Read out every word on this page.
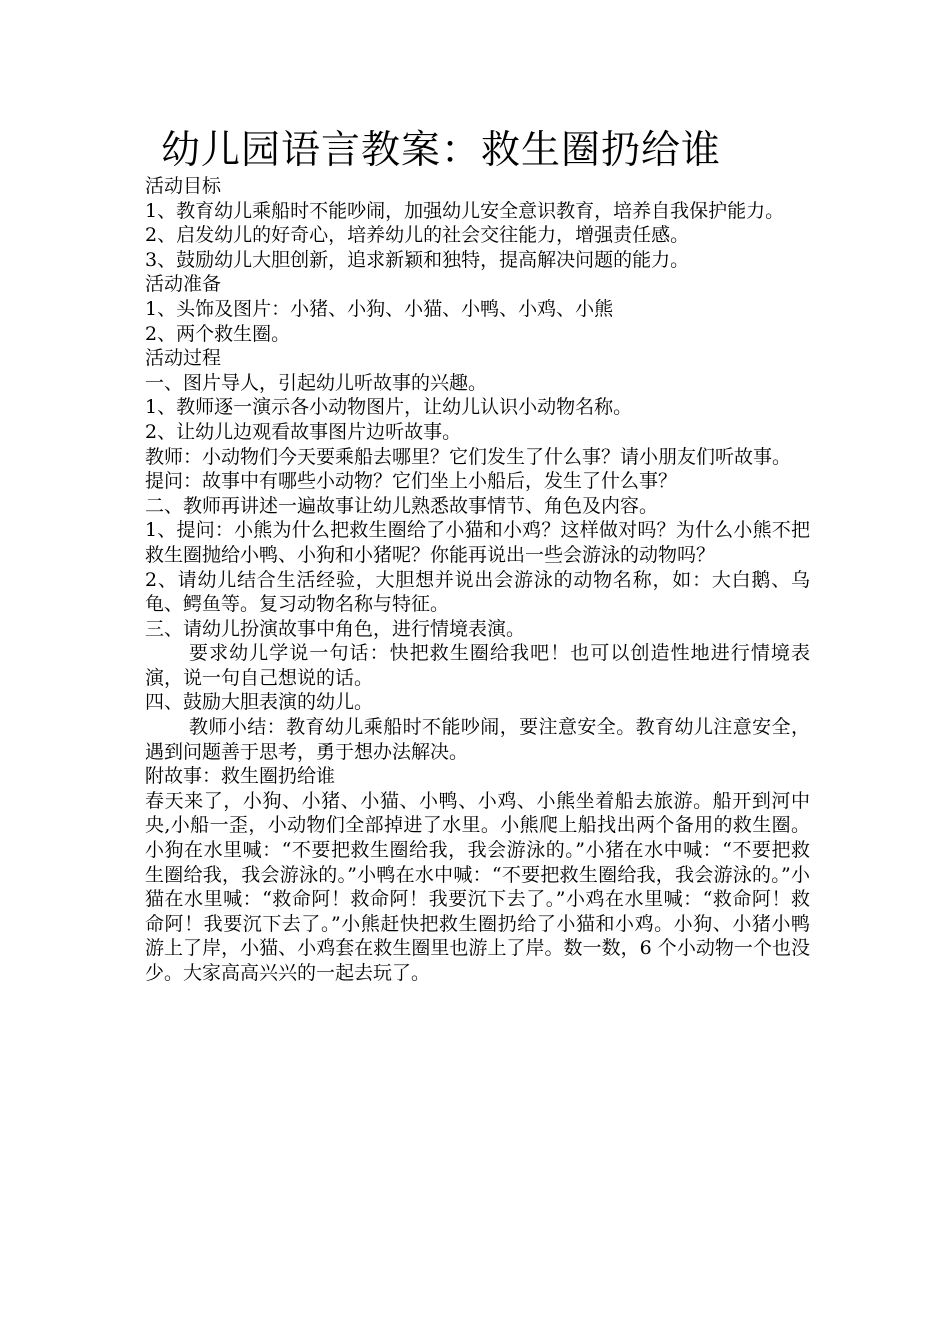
幼儿园语言教案：救生圈扔给谁

活动目标

1、教育幼儿乘船时不能吵闹，加强幼儿安全意识教育，培养自我保护能力。

2、启发幼儿的好奇心，培养幼儿的社会交往能力，增强责任感。

3、鼓励幼儿大胆创新，追求新颖和独特，提高解决问题的能力。

活动准备

1、头饰及图片：小猪、小狗、小猫、小鸭、小鸡、小熊

2、两个救生圈。

活动过程

一、图片导人，引起幼儿听故事的兴趣。

1、教师逐一演示各小动物图片，让幼儿认识小动物名称。

2、让幼儿边观看故事图片边听故事。

教师：小动物们今天要乘船去哪里？它们发生了什么事？请小朋友们听故事。

提问：故事中有哪些小动物？它们坐上小船后，发生了什么事？

二、教师再讲述一遍故事让幼儿熟悉故事情节、角色及内容。

1、提问：小熊为什么把救生圈给了小猫和小鸡？这样做对吗？为什么小熊不把救生圈抛给小鸭、小狗和小猪呢？你能再说出一些会游泳的动物吗？

2、请幼儿结合生活经验，大胆想并说出会游泳的动物名称，如：大白鹅、乌龟、鳄鱼等。复习动物名称与特征。

三、请幼儿扮演故事中角色，进行情境表演。

要求幼儿学说一句话：快把救生圈给我吧！也可以创造性地进行情境表演，说一句自己想说的话。

四、鼓励大胆表演的幼儿。

教师小结：教育幼儿乘船时不能吵闹，要注意安全。教育幼儿注意安全，遇到问题善于思考，勇于想办法解决。

附故事：救生圈扔给谁

春天来了，小狗、小猪、小猫、小鸭、小鸡、小熊坐着船去旅游。船开到河中央,小船一歪，小动物们全部掉进了水里。小熊爬上船找出两个备用的救生圈。小狗在水里喊：“不要把救生圈给我，我会游泳的。”小猪在水中喊：“不要把救生圈给我，我会游泳的。”小鸭在水中喊：“不要把救生圈给我，我会游泳的。”小猫在水里喊：“救命阿！救命阿！我要沉下去了。”小鸡在水里喊：“救命阿！救命阿！我要沉下去了。”小熊赶快把救生圈扔给了小猫和小鸡。小狗、小猪小鸭游上了岸，小猫、小鸡套在救生圈里也游上了岸。数一数，6 个小动物一个也没少。大家高高兴兴的一起去玩了。
